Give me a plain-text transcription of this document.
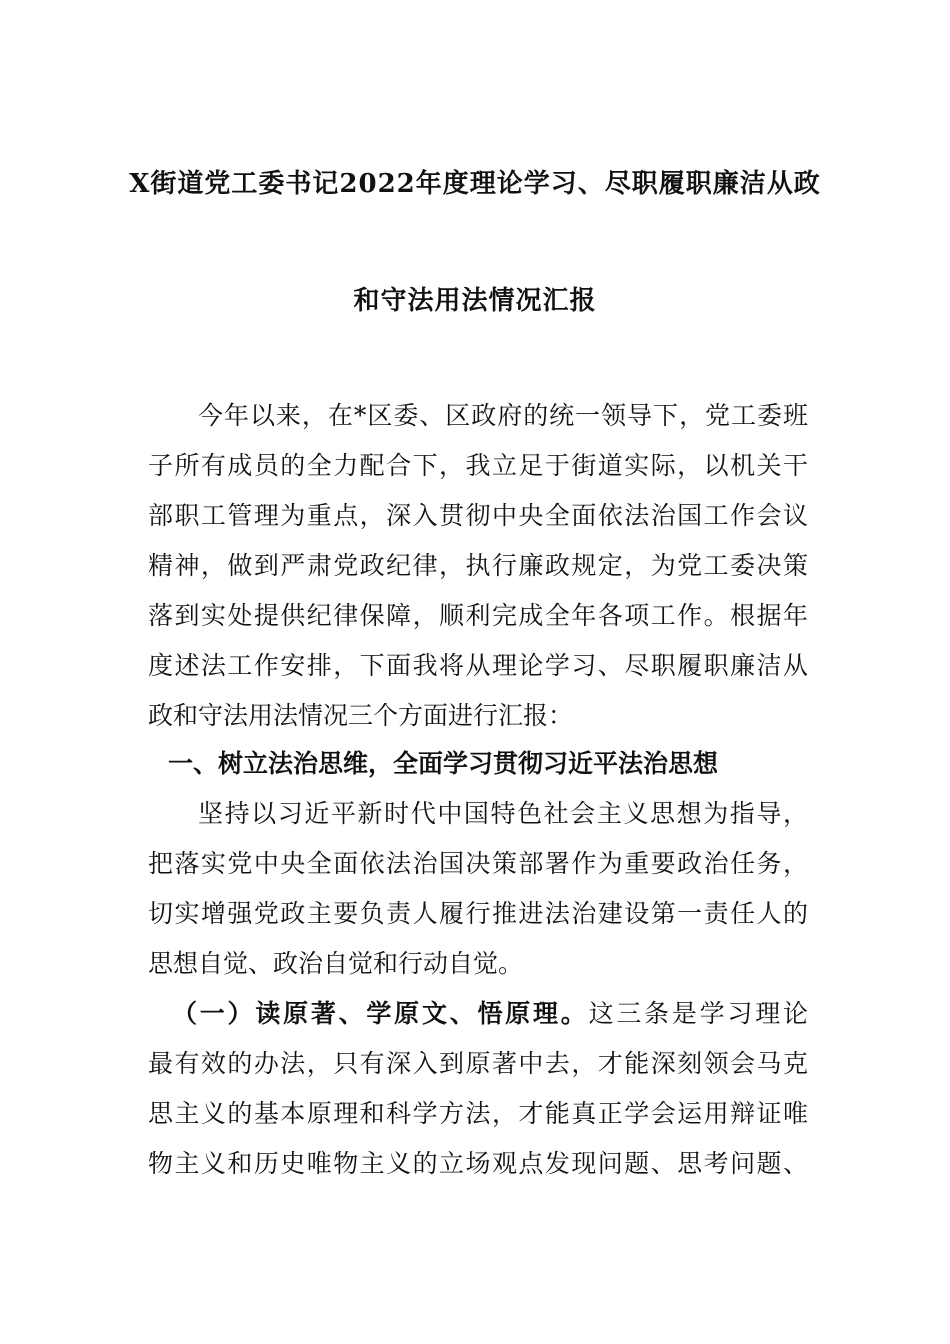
X街道党工委书记2022年度理论学习、尽职履职廉洁从政
和守法用法情况汇报
今年以来，在*区委、区政府的统一领导下，党工委班
子所有成员的全力配合下，我立足于街道实际，以机关干
部职工管理为重点，深入贯彻中央全面依法治国工作会议
精神，做到严肃党政纪律，执行廉政规定，为党工委决策
落到实处提供纪律保障，顺利完成全年各项工作。根据年
度述法工作安排，下面我将从理论学习、尽职履职廉洁从
政和守法用法情况三个方面进行汇报：
一、树立法治思维，全面学习贯彻习近平法治思想
坚持以习近平新时代中国特色社会主义思想为指导，
把落实党中央全面依法治国决策部署作为重要政治任务，
切实增强党政主要负责人履行推进法治建设第一责任人的
思想自觉、政治自觉和行动自觉。
（一）读原著、学原文、悟原理。这三条是学习理论
最有效的办法，只有深入到原著中去，才能深刻领会马克
思主义的基本原理和科学方法，才能真正学会运用辩证唯
物主义和历史唯物主义的立场观点发现问题、思考问题、
